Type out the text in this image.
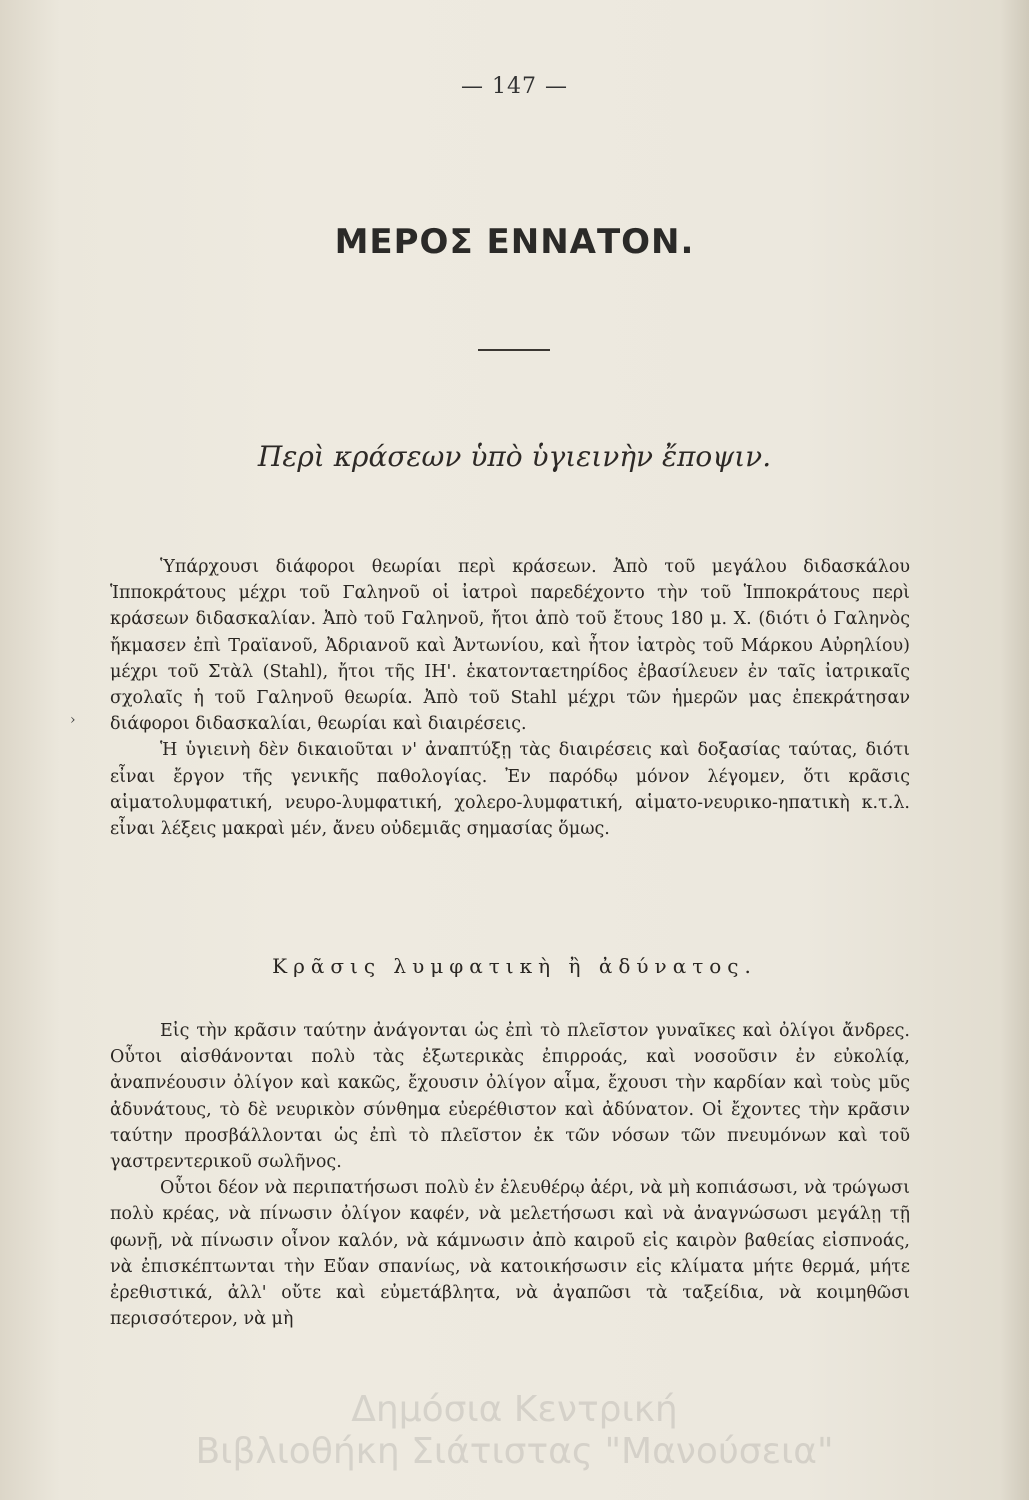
— 147 —
ΜΕΡΟΣ ΕΝΝΑΤΟΝ.
Περὶ κράσεων ὑπὸ ὑγιεινὴν ἔποψιν.
›

Ὑπάρχουσι διάφοροι θεωρίαι περὶ κράσεων. Ἀπὸ τοῦ μεγάλου διδασκάλου Ἱπποκράτους μέχρι τοῦ Γαληνοῦ οἱ ἰατροὶ παρεδέχοντο τὴν τοῦ Ἱπποκράτους περὶ κράσεων διδασκαλίαν. Ἀπὸ τοῦ Γαληνοῦ, ἤτοι ἀπὸ τοῦ ἔτους 180 μ. Χ. (διότι ὁ Γαληνὸς ἤκμασεν ἐπὶ Τραϊανοῦ, Ἀδριανοῦ καὶ Ἀντωνίου, καὶ ἦτον ἰατρὸς τοῦ Μάρκου Αὐρηλίου) μέχρι τοῦ Στὰλ (Stahl), ἤτοι τῆς ΙΗ'. ἑκατονταετηρίδος ἐβασίλευεν ἐν ταῖς ἰατρικαῖς σχολαῖς ἡ τοῦ Γαληνοῦ θεωρία. Ἀπὸ τοῦ Stahl μέχρι τῶν ἡμερῶν μας ἐπεκράτησαν διάφοροι διδασκαλίαι, θεωρίαι καὶ διαιρέσεις.

Ἡ ὑγιεινὴ δὲν δικαιοῦται ν' ἀναπτύξῃ τὰς διαιρέσεις καὶ δοξασίας ταύτας, διότι εἶναι ἔργον τῆς γενικῆς παθολογίας. Ἐν παρόδῳ μόνον λέγομεν, ὅτι κρᾶσις αἱματολυμφατική, νευρο-λυμφατική, χολερο-λυμφατική, αἱματο-νευρικο-ηπατικὴ κ.τ.λ. εἶναι λέξεις μακραὶ μέν, ἄνευ οὐδεμιᾶς σημασίας ὅμως.

Κρᾶσις λυμφατικὴ ἢ ἀδύνατος.

Εἰς τὴν κρᾶσιν ταύτην ἀνάγονται ὡς ἐπὶ τὸ πλεῖστον γυναῖκες καὶ ὀλίγοι ἄνδρες. Οὗτοι αἰσθάνονται πολὺ τὰς ἐξωτερικὰς ἐπιρροάς, καὶ νοσοῦσιν ἐν εὐκολίᾳ, ἀναπνέουσιν ὀλίγον καὶ κακῶς, ἔχουσιν ὀλίγον αἷμα, ἔχουσι τὴν καρδίαν καὶ τοὺς μῦς ἀδυνάτους, τὸ δὲ νευρικὸν σύνθημα εὐερέθιστον καὶ ἀδύνατον. Οἱ ἔχοντες τὴν κρᾶσιν ταύτην προσβάλλονται ὡς ἐπὶ τὸ πλεῖστον ἐκ τῶν νόσων τῶν πνευμόνων καὶ τοῦ γαστρεντερικοῦ σωλῆνος.

Οὗτοι δέον νὰ περιπατήσωσι πολὺ ἐν ἐλευθέρῳ ἀέρι, νὰ μὴ κοπιάσωσι, νὰ τρώγωσι πολὺ κρέας, νὰ πίνωσιν ὀλίγον καφέν, νὰ μελετήσωσι καὶ νὰ ἀναγνώσωσι μεγάλῃ τῇ φωνῇ, νὰ πίνωσιν οἶνον καλόν, νὰ κάμνωσιν ἀπὸ καιροῦ εἰς καιρὸν βαθείας εἰσπνοάς, νὰ ἐπισκέπτωνται τὴν Εὔαν σπανίως, νὰ κατοικήσωσιν εἰς κλίματα μήτε θερμά, μήτε ἐρεθιστικά, ἀλλ' οὔτε καὶ εὐμετάβλητα, νὰ ἀγαπῶσι τὰ ταξείδια, νὰ κοιμηθῶσι περισσότερον, νὰ μὴ

Δημόσια Κεντρική
Βιβλιοθήκη Σιάτιστας "Μανούσεια"
